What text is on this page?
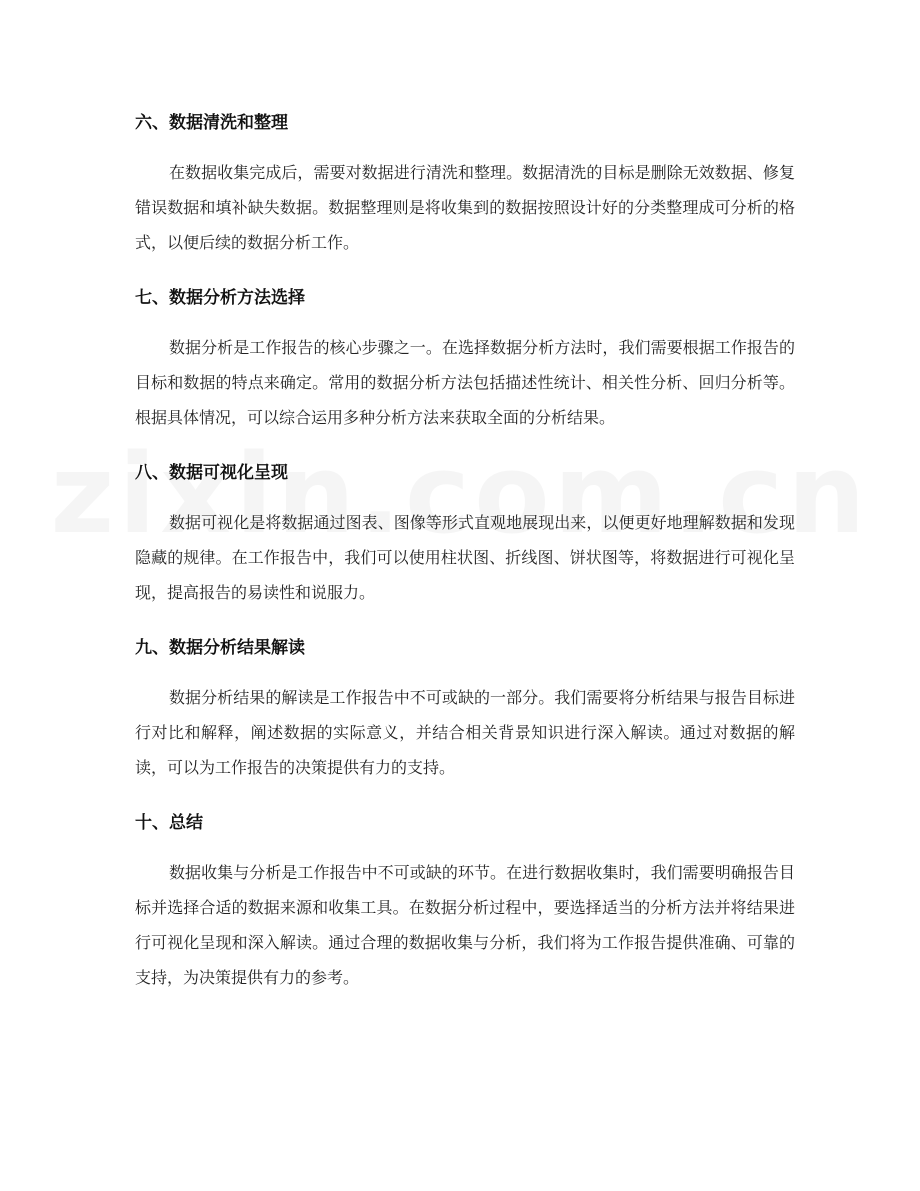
六、数据清洗和整理

在数据收集完成后，需要对数据进行清洗和整理。数据清洗的目标是删除无效数据、修复错误数据和填补缺失数据。数据整理则是将收集到的数据按照设计好的分类整理成可分析的格式，以便后续的数据分析工作。

七、数据分析方法选择

数据分析是工作报告的核心步骤之一。在选择数据分析方法时，我们需要根据工作报告的目标和数据的特点来确定。常用的数据分析方法包括描述性统计、相关性分析、回归分析等。根据具体情况，可以综合运用多种分析方法来获取全面的分析结果。

八、数据可视化呈现

数据可视化是将数据通过图表、图像等形式直观地展现出来，以便更好地理解数据和发现隐藏的规律。在工作报告中，我们可以使用柱状图、折线图、饼状图等，将数据进行可视化呈现，提高报告的易读性和说服力。

九、数据分析结果解读

数据分析结果的解读是工作报告中不可或缺的一部分。我们需要将分析结果与报告目标进行对比和解释，阐述数据的实际意义，并结合相关背景知识进行深入解读。通过对数据的解读，可以为工作报告的决策提供有力的支持。

十、总结

数据收集与分析是工作报告中不可或缺的环节。在进行数据收集时，我们需要明确报告目标并选择合适的数据来源和收集工具。在数据分析过程中，要选择适当的分析方法并将结果进行可视化呈现和深入解读。通过合理的数据收集与分析，我们将为工作报告提供准确、可靠的支持，为决策提供有力的参考。
